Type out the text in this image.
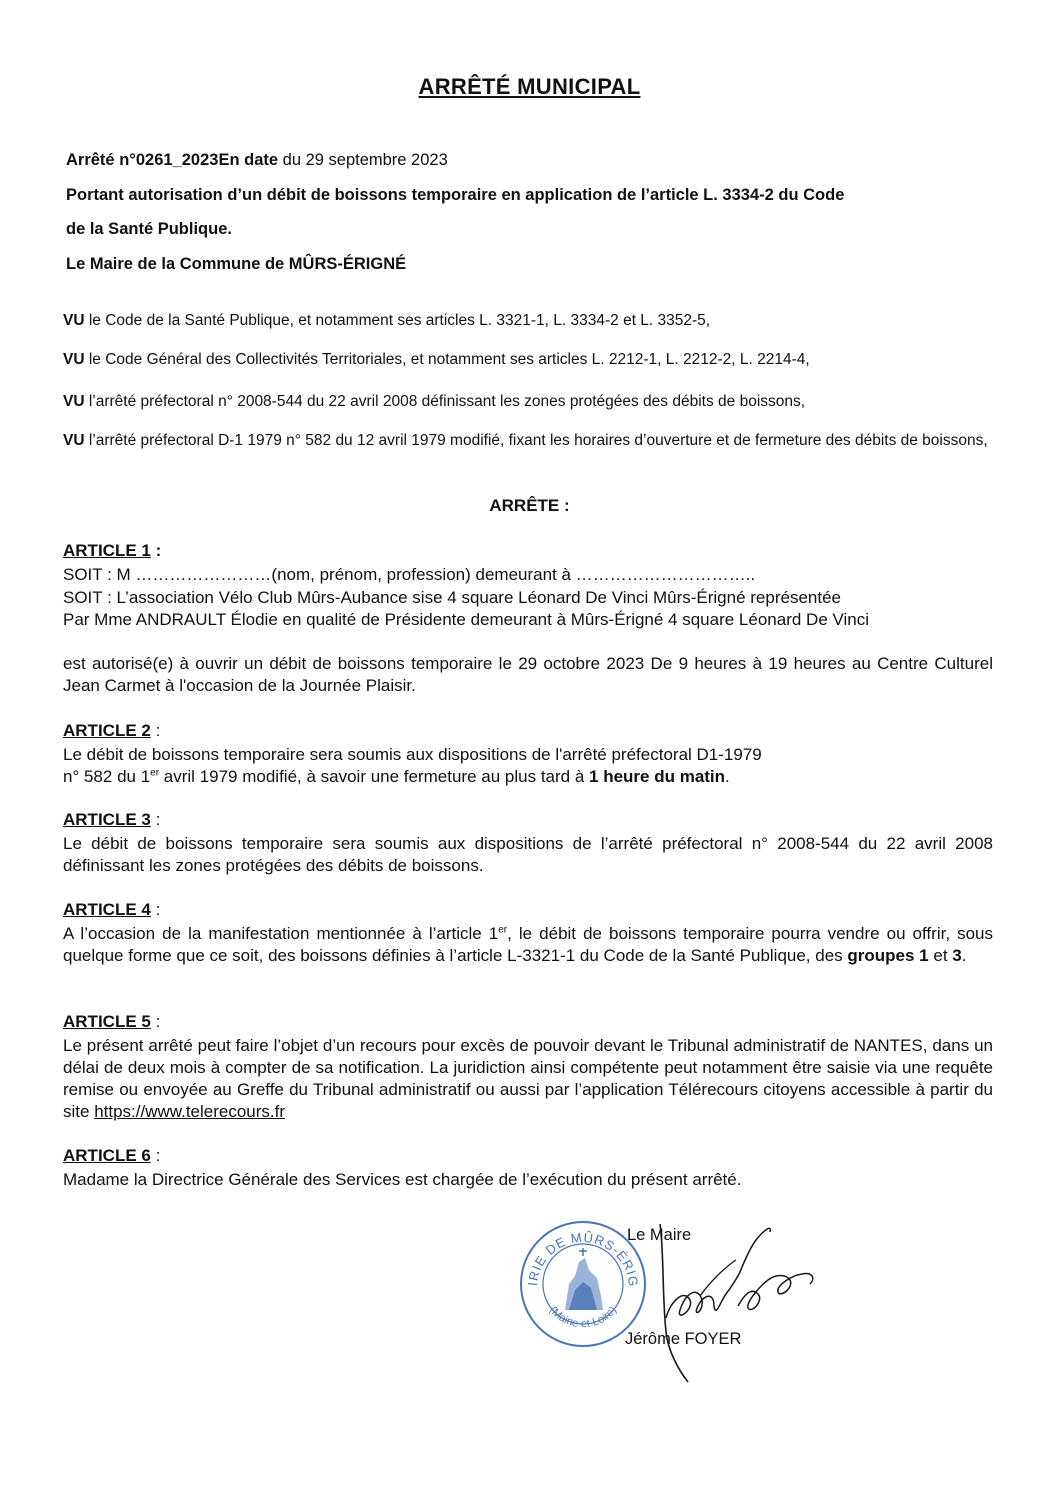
ARRÊTÉ MUNICIPAL
Arrêté n°0261_2023En date du 29 septembre 2023
Portant autorisation d’un débit de boissons temporaire en application de l’article L. 3334-2 du Code
de la Santé Publique.
Le Maire de la Commune de MÛRS-ÉRIGNÉ
VU le Code de la Santé Publique, et notamment ses articles L. 3321-1, L. 3334-2 et L. 3352-5,
VU le Code Général des Collectivités Territoriales, et notamment ses articles L. 2212-1, L. 2212-2, L. 2214-4,
VU l’arrêté préfectoral n° 2008-544 du 22 avril 2008 définissant les zones protégées des débits de boissons,
VU l’arrêté préfectoral D-1 1979 n° 582 du 12 avril 1979 modifié, fixant les horaires d’ouverture et de fermeture des débits de boissons,
ARRÊTE :
ARTICLE 1 :
SOIT : M ……………………(nom, prénom, profession) demeurant à …………………………..
SOIT : L’association Vélo Club Mûrs-Aubance sise 4 square Léonard De Vinci Mûrs-Érigné représentée
Par Mme ANDRAULT Élodie en qualité de Présidente demeurant à Mûrs-Érigné 4 square Léonard De Vinci
est autorisé(e) à ouvrir un débit de boissons temporaire le 29 octobre 2023 De 9 heures à 19 heures au Centre Culturel Jean Carmet à l'occasion de la Journée Plaisir.
ARTICLE 2 :
Le débit de boissons temporaire sera soumis aux dispositions de l'arrêté préfectoral D1-1979
n° 582 du 1er avril 1979 modifié, à savoir une fermeture au plus tard à 1 heure du matin.
ARTICLE 3 :
Le débit de boissons temporaire sera soumis aux dispositions de l’arrêté préfectoral n° 2008-544 du 22 avril 2008 définissant les zones protégées des débits de boissons.
ARTICLE 4 :
A l’occasion de la manifestation mentionnée à l’article 1er, le débit de boissons temporaire pourra vendre ou offrir, sous quelque forme que ce soit, des boissons définies à l’article L-3321-1 du Code de la Santé Publique, des groupes 1 et 3.
ARTICLE 5 :
Le présent arrêté peut faire l’objet d’un recours pour excès de pouvoir devant le Tribunal administratif de NANTES, dans un délai de deux mois à compter de sa notification. La juridiction ainsi compétente peut notamment être saisie via une requête remise ou envoyée au Greffe du Tribunal administratif ou aussi par l’application Télérecours citoyens accessible à partir du site https://www.telerecours.fr
ARTICLE 6 :
Madame la Directrice Générale des Services est chargée de l’exécution du présent arrêté.
IRIE DE MÛRS-ÉRIG
(Maine-et-Loire)
Le Maire
Jérôme FOYER
